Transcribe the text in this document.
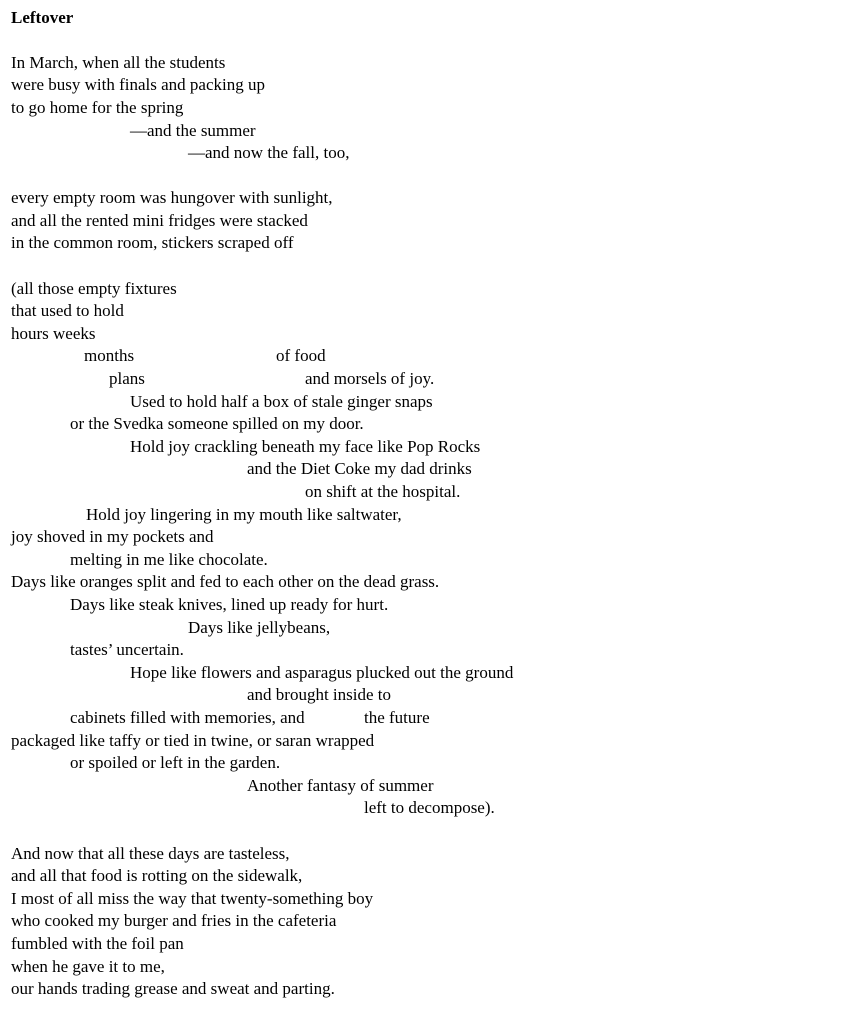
Leftover
In March, when all the students
were busy with finals and packing up
to go home for the spring
—and the summer
—and now the fall, too,
every empty room was hungover with sunlight,
and all the rented mini fridges were stacked
in the common room, stickers scraped off
(all those empty fixtures
that used to hold
hours weeks
months	of food
plans	and morsels of joy.
Used to hold half a box of stale ginger snaps
or the Svedka someone spilled on my door.
Hold joy crackling beneath my face like Pop Rocks
and the Diet Coke my dad drinks
on shift at the hospital.
Hold joy lingering in my mouth like saltwater,
joy shoved in my pockets and
melting in me like chocolate.
Days like oranges split and fed to each other on the dead grass.
Days like steak knives, lined up ready for hurt.
Days like jellybeans,
tastes’ uncertain.
Hope like flowers and asparagus plucked out the ground
and brought inside to
cabinets filled with memories, and	the future
packaged like taffy or tied in twine, or saran wrapped
or spoiled or left in the garden.
Another fantasy of summer
left to decompose).
And now that all these days are tasteless,
and all that food is rotting on the sidewalk,
I most of all miss the way that twenty-something boy
who cooked my burger and fries in the cafeteria
fumbled with the foil pan
when he gave it to me,
our hands trading grease and sweat and parting.
